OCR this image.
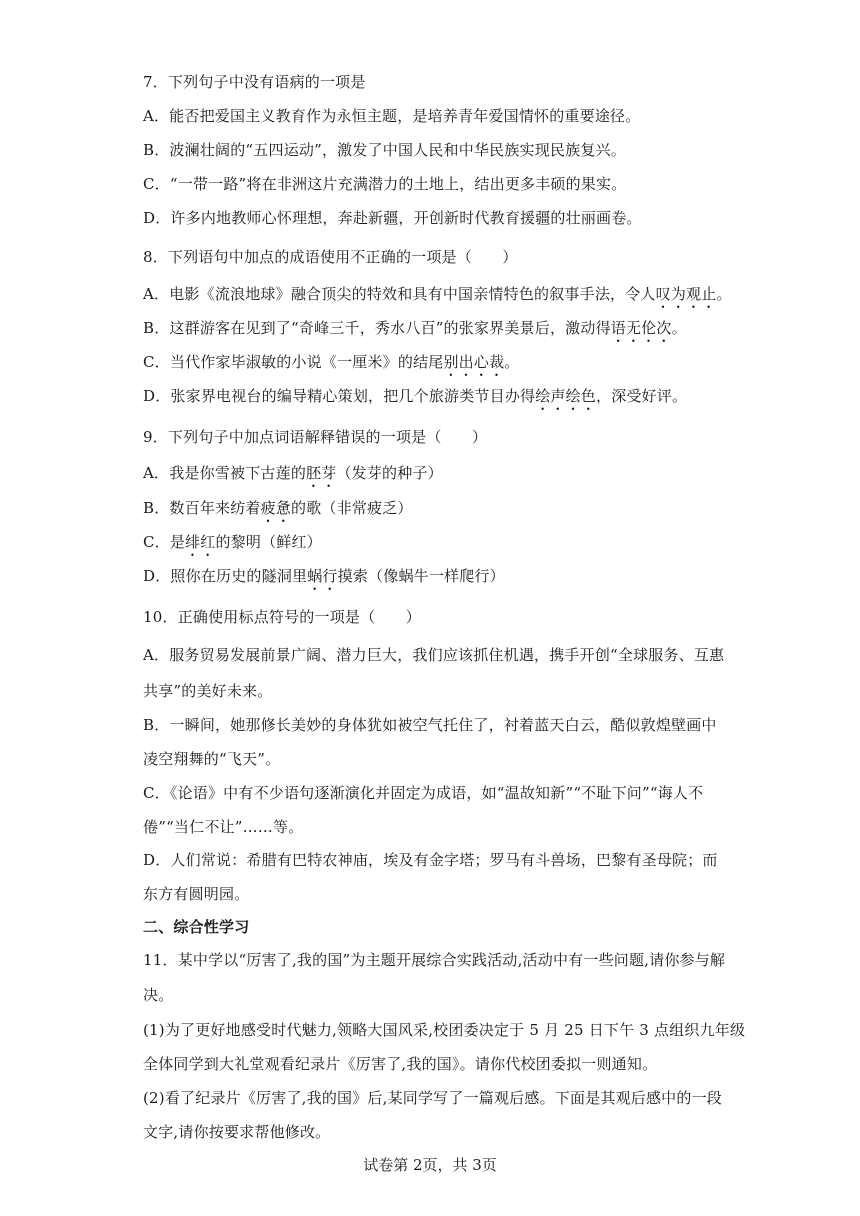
7．下列句子中没有语病的一项是
A．能否把爱国主义教育作为永恒主题，是培养青年爱国情怀的重要途径。
B．波澜壮阔的“五四运动”，激发了中国人民和中华民族实现民族复兴。
C．“一带一路”将在非洲这片充满潜力的土地上，结出更多丰硕的果实。
D．许多内地教师心怀理想，奔赴新疆，开创新时代教育援疆的壮丽画卷。
8．下列语句中加点的成语使用不正确的一项是（　　）
A．电影《流浪地球》融合顶尖的特效和具有中国亲情特色的叙事手法，令人叹为观止。
B．这群游客在见到了“奇峰三千，秀水八百”的张家界美景后，激动得语无伦次。
C．当代作家毕淑敏的小说《一厘米》的结尾别出心裁。
D．张家界电视台的编导精心策划，把几个旅游类节目办得绘声绘色，深受好评。
9．下列句子中加点词语解释错误的一项是（　　）
A．我是你雪被下古莲的胚芽（发芽的种子）
B．数百年来纺着疲惫的歌（非常疲乏）
C．是绯红的黎明（鲜红）
D．照你在历史的隧洞里蜗行摸索（像蜗牛一样爬行）
10．正确使用标点符号的一项是（　　）
A．服务贸易发展前景广阔、潜力巨大，我们应该抓住机遇，携手开创“全球服务、互惠
共享”的美好未来。
B．一瞬间，她那修长美妙的身体犹如被空气托住了，衬着蓝天白云，酷似敦煌壁画中
凌空翔舞的“飞天”。
C．《论语》中有不少语句逐渐演化并固定为成语，如“温故知新”“不耻下问”“诲人不
倦”“当仁不让”……等。
D．人们常说：希腊有巴特农神庙，埃及有金字塔；罗马有斗兽场，巴黎有圣母院；而
东方有圆明园。
二、综合性学习
11．某中学以“厉害了,我的国”为主题开展综合实践活动,活动中有一些问题,请你参与解
决。
(1)为了更好地感受时代魅力,领略大国风采,校团委决定于 5 月 25 日下午 3 点组织九年级
全体同学到大礼堂观看纪录片《厉害了,我的国》。请你代校团委拟一则通知。
(2)看了纪录片《厉害了,我的国》后,某同学写了一篇观后感。下面是其观后感中的一段
文字,请你按要求帮他修改。
试卷第 2页，共 3页
